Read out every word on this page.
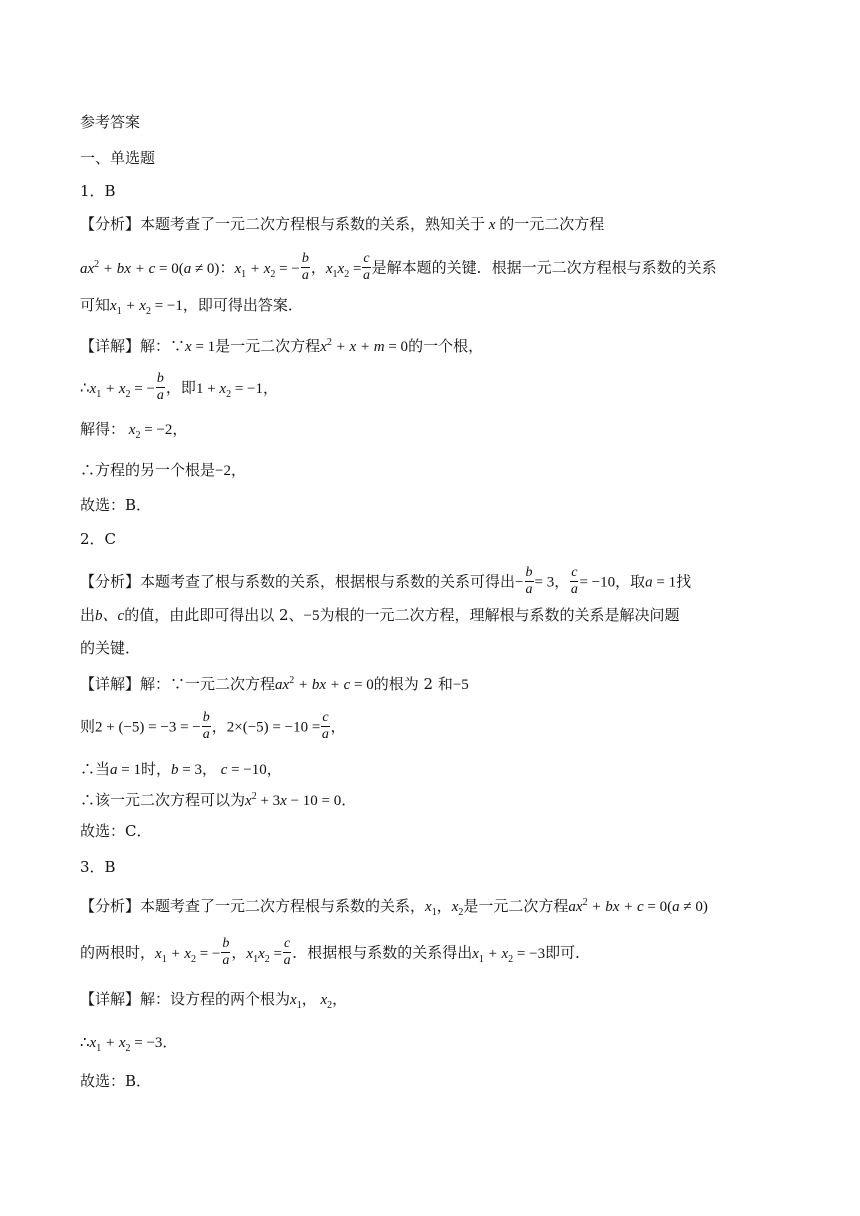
参考答案
一、单选题
1．B
【分析】本题考查了一元二次方程根与系数的关系，熟知关于 x 的一元二次方程
$ax^2$ + bx + c = 0(a ≠ 0)：$x_1 + x_2$ = − $\frac{b}{a}$ ，$x_1x_2 = \frac{c}{a}$ 是解本题的关键．根据一元二次方程根与系数的关系
可知$x_1 + x_2 = -1$，即可得出答案．
【详解】解：∵x = 1是一元二次方程$x^2 + x + m = 0$的一个根，
$\therefore x_1 + x_2$ = − $\frac{b}{a}$ ，即$1 + x_2 = -1$，
解得： $x_2 = -2$，
∴方程的另一个根是−2，
故选：B．
2．C
【分析】本题考查了根与系数的关系，根据根与系数的关系可得出− $\frac{b}{a} = 3$， $\frac{c}{a} = -10$，取a = 1找
出b、c的值，由此即可得出以 2、−5为根的一元二次方程，理解根与系数的关系是解决问题
的关键．
【详解】解：∵一元二次方程$ax^2$ + bx + c = 0的根为 2 和−5
则2 + (−5) = −3 = − $\frac{b}{a}$ ，$2\times(-5) = -10 = \frac{c}{a}$ ，
∴当a = 1时，b = 3， c = −10，
∴该一元二次方程可以为$x^2 + 3x - 10 = 0$．
故选：C．
3．B
【分析】本题考查了一元二次方程根与系数的关系，$x_1$，$x_2$是一元二次方程$ax^2$ + bx + c = 0(a ≠ 0)
的两根时，$x_1 + x_2$ = − $\frac{b}{a}$ ，$x_1x_2 = \frac{c}{a}$ ．根据根与系数的关系得出$x_1 + x_2 = -3$即可．
【详解】解：设方程的两个根为$x_1$， $x_2$，
$\therefore x_1 + x_2 = -3$．
故选：B．
